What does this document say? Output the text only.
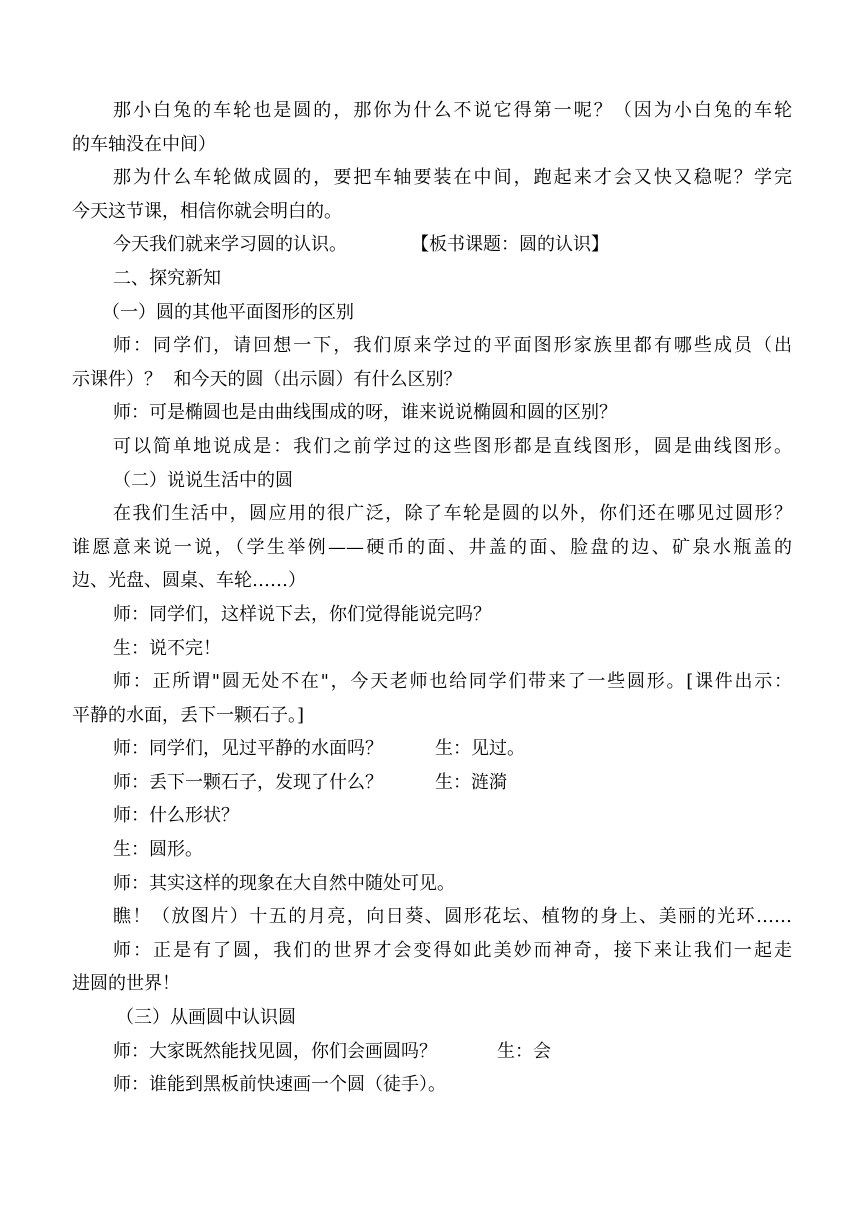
那小白兔的车轮也是圆的，那你为什么不说它得第一呢？（因为小白兔的车轮
的车轴没在中间）
那为什么车轮做成圆的，要把车轴要装在中间，跑起来才会又快又稳呢？学完
今天这节课，相信你就会明白的。
今天我们就来学习圆的认识。	【板书课题：圆的认识】
二、探究新知
（一）圆的其他平面图形的区别
师：同学们，请回想一下，我们原来学过的平面图形家族里都有哪些成员（出
示课件）？  和今天的圆（出示圆）有什么区别？
师：可是椭圆也是由曲线围成的呀，谁来说说椭圆和圆的区别？
可以简单地说成是：我们之前学过的这些图形都是直线图形，圆是曲线图形。
（二）说说生活中的圆
在我们生活中，圆应用的很广泛，除了车轮是圆的以外，你们还在哪见过圆形？
谁愿意来说一说，（学生举例——硬币的面、井盖的面、脸盘的边、矿泉水瓶盖的
边、光盘、圆桌、车轮……）
师：同学们，这样说下去，你们觉得能说完吗？
生：说不完！
师：正所谓"圆无处不在"，今天老师也给同学们带来了一些圆形。[课件出示：
平静的水面，丢下一颗石子。]
师：同学们，见过平静的水面吗？	生：见过。
师：丢下一颗石子，发现了什么？	生：涟漪
师：什么形状？
生：圆形。
师：其实这样的现象在大自然中随处可见。
瞧！（放图片）十五的月亮，向日葵、圆形花坛、植物的身上、美丽的光环……
师：正是有了圆，我们的世界才会变得如此美妙而神奇，接下来让我们一起走
进圆的世界！
（三）从画圆中认识圆
师：大家既然能找见圆，你们会画圆吗？	生：会
师：谁能到黑板前快速画一个圆（徒手）。
